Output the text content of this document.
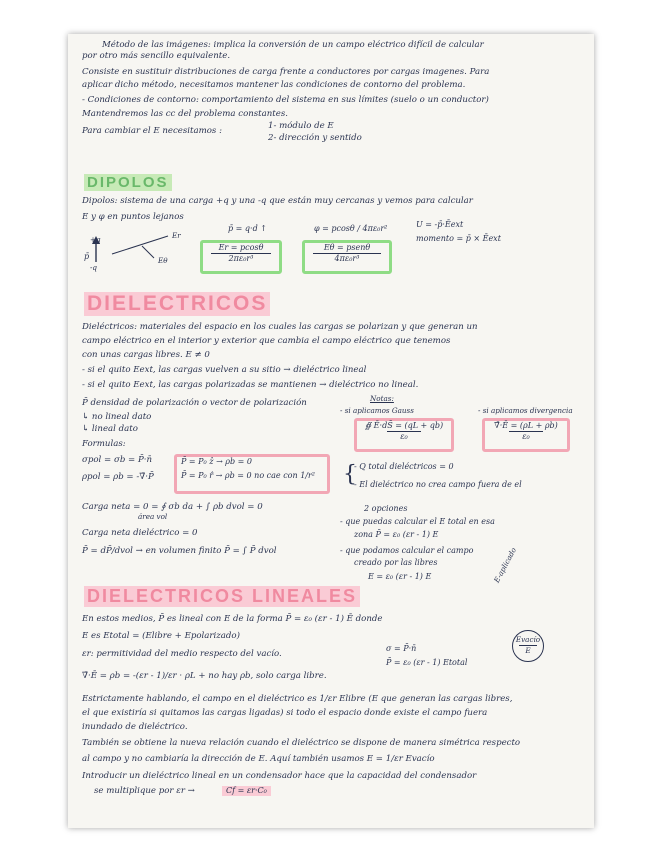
Método de las imágenes: implica la conversión de un campo eléctrico difícil de calcular
por otro más sencillo equivalente.
Consiste en sustituir distribuciones de carga frente a conductores por cargas imagenes. Para
aplicar dicho método, necesitamos mantener las condiciones de contorno del problema.
- Condiciones de contorno: comportamiento del sistema en sus límites (suelo o un conductor)
Mantendremos las cc del problema constantes.
Para cambiar el E necesitamos :	1- módulo de E
2- dirección y sentido
DIPOLOS
Dipolos: sistema de una carga +q y una -q que están muy cercanas y vemos para calcular
E y φ en puntos lejanos
p̄ = q·d ↑	φ = pcosθ / 4πε₀r²	U = -p̄·Ēext
momento = p̄ × Ēext
+q
-q
p̄
Er
Eθ	$\frac{Er = pcos\theta}{\text{2πε₀r³}}$	Eθ = psenθ
4πε₀r³
DIELECTRICOS
Dieléctricos: materiales del espacio en los cuales las cargas se polarizan y que generan un
campo eléctrico en el interior y exterior que cambia el campo eléctrico que tenemos
con unas cargas libres. E ≠ 0
- si el quito Eext, las cargas vuelven a su sitio → dieléctrico lineal
- si el quito Eext, las cargas polarizadas se mantienen → dieléctrico no lineal.
P̄ densidad de polarización o vector de polarización
↳ no lineal dato
↳ lineal dato
Notas:
- si aplicamos Gauss	- si aplicamos divergencia
$\frac{∯ Ē\cdot dS̄ = (qL + qb)}{\text{ε₀}}$	$\frac{\nablā\cdot Ē = (\rho L + \rho b)}{\text{ε₀}}$
Formulas:
σpol = σb = P̄·n̄
ρpol = ρb = -∇̄·P̄
P̄ = P₀ ẑ → ρb = 0
P̄ = P₀ r̂ → ρb = 0 no cae con 1/r²	{
- Q total dieléctricos = 0
- El dieléctrico no crea campo fuera de el
Carga neta = 0 = ∮ σb da + ∫ ρb dvol = 0
área vol
Carga neta dieléctrico = 0
P̄ = dP̄/dvol → en volumen finito P̄ = ∫ P̄ dvol
2 opciones
- que puedas calcular el E total en esa
zona P̄ = ε₀ (εr - 1) E
- que podamos calcular el campo
creado por las libres
E = ε₀ (εr - 1) E	E-aplicado
DIELECTRICOS LINEALES
En estos medios, P̄ es lineal con E de la forma P̄ = ε₀ (εr - 1) Ē donde
E es Etotal = (Elibre + Epolarizado)
εr: permitividad del medio respecto del vacío.
σ = P̄·n̄
P̄ = ε₀ (εr - 1) Etotal
Evacío
E
∇̄·Ē = ρb = -(εr - 1)/εr · ρL + no hay ρb, solo carga libre.
Estrictamente hablando, el campo en el dieléctrico es 1/εr Elibre (E que generan las cargas libres,
el que existiría si quitamos las cargas ligadas) si todo el espacio donde existe el campo fuera
inundado de dieléctrico.
También se obtiene la nueva relación cuando el dieléctrico se dispone de manera simétrica respecto
al campo y no cambiaría la dirección de E. Aquí también usamos E = 1/εr Evacío
Introducir un dieléctrico lineal en un condensador hace que la capacidad del condensador
se multiplique por εr →	Cf = εr·C₀
